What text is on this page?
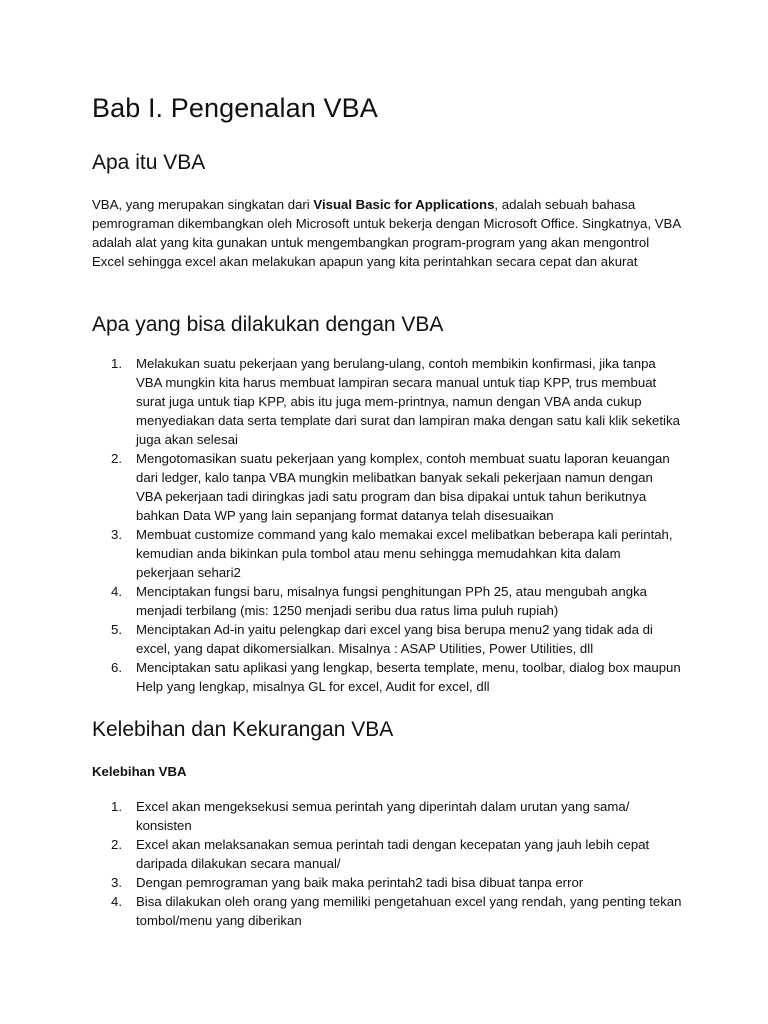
Bab I. Pengenalan VBA
Apa itu VBA

VBA, yang merupakan singkatan dari Visual Basic for Applications, adalah sebuah bahasa pemrograman dikembangkan oleh Microsoft untuk bekerja dengan Microsoft Office. Singkatnya, VBA adalah alat yang kita gunakan untuk mengembangkan program-program yang akan mengontrol Excel sehingga excel akan melakukan apapun yang kita perintahkan secara cepat dan akurat

Apa yang bisa dilakukan dengan VBA
1. Melakukan suatu pekerjaan yang berulang-ulang, contoh membikin konfirmasi, jika tanpa VBA mungkin kita harus membuat lampiran secara manual untuk tiap KPP, trus membuat surat juga untuk tiap KPP, abis itu juga mem-printnya, namun dengan VBA anda cukup menyediakan data serta template dari surat dan lampiran maka dengan satu kali klik seketika juga akan selesai
2. Mengotomasikan suatu pekerjaan yang komplex, contoh membuat suatu laporan keuangan dari ledger, kalo tanpa VBA mungkin melibatkan banyak sekali pekerjaan namun dengan VBA pekerjaan tadi diringkas jadi satu program dan bisa dipakai untuk tahun berikutnya bahkan Data WP yang lain sepanjang format datanya telah disesuaikan
3. Membuat customize command yang kalo memakai excel melibatkan beberapa kali perintah, kemudian anda bikinkan pula tombol atau menu sehingga memudahkan kita dalam pekerjaan sehari2
4. Menciptakan fungsi baru, misalnya fungsi penghitungan PPh 25, atau mengubah angka menjadi terbilang (mis: 1250 menjadi seribu dua ratus lima puluh rupiah)
5. Menciptakan Ad-in yaitu pelengkap dari excel yang bisa berupa menu2 yang tidak ada di excel, yang dapat dikomersialkan. Misalnya : ASAP Utilities, Power Utilities, dll
6. Menciptakan satu aplikasi yang lengkap, beserta template, menu, toolbar, dialog box maupun Help yang lengkap, misalnya GL for excel, Audit for excel, dll
Kelebihan dan Kekurangan VBA

Kelebihan VBA

1. Excel akan mengeksekusi semua perintah yang diperintah dalam urutan yang sama/ konsisten
2. Excel akan melaksanakan semua perintah tadi dengan kecepatan yang jauh lebih cepat daripada dilakukan secara manual/
3. Dengan pemrograman yang baik maka perintah2 tadi bisa dibuat tanpa error
4. Bisa dilakukan oleh orang yang memiliki pengetahuan excel yang rendah, yang penting tekan tombol/menu yang diberikan
